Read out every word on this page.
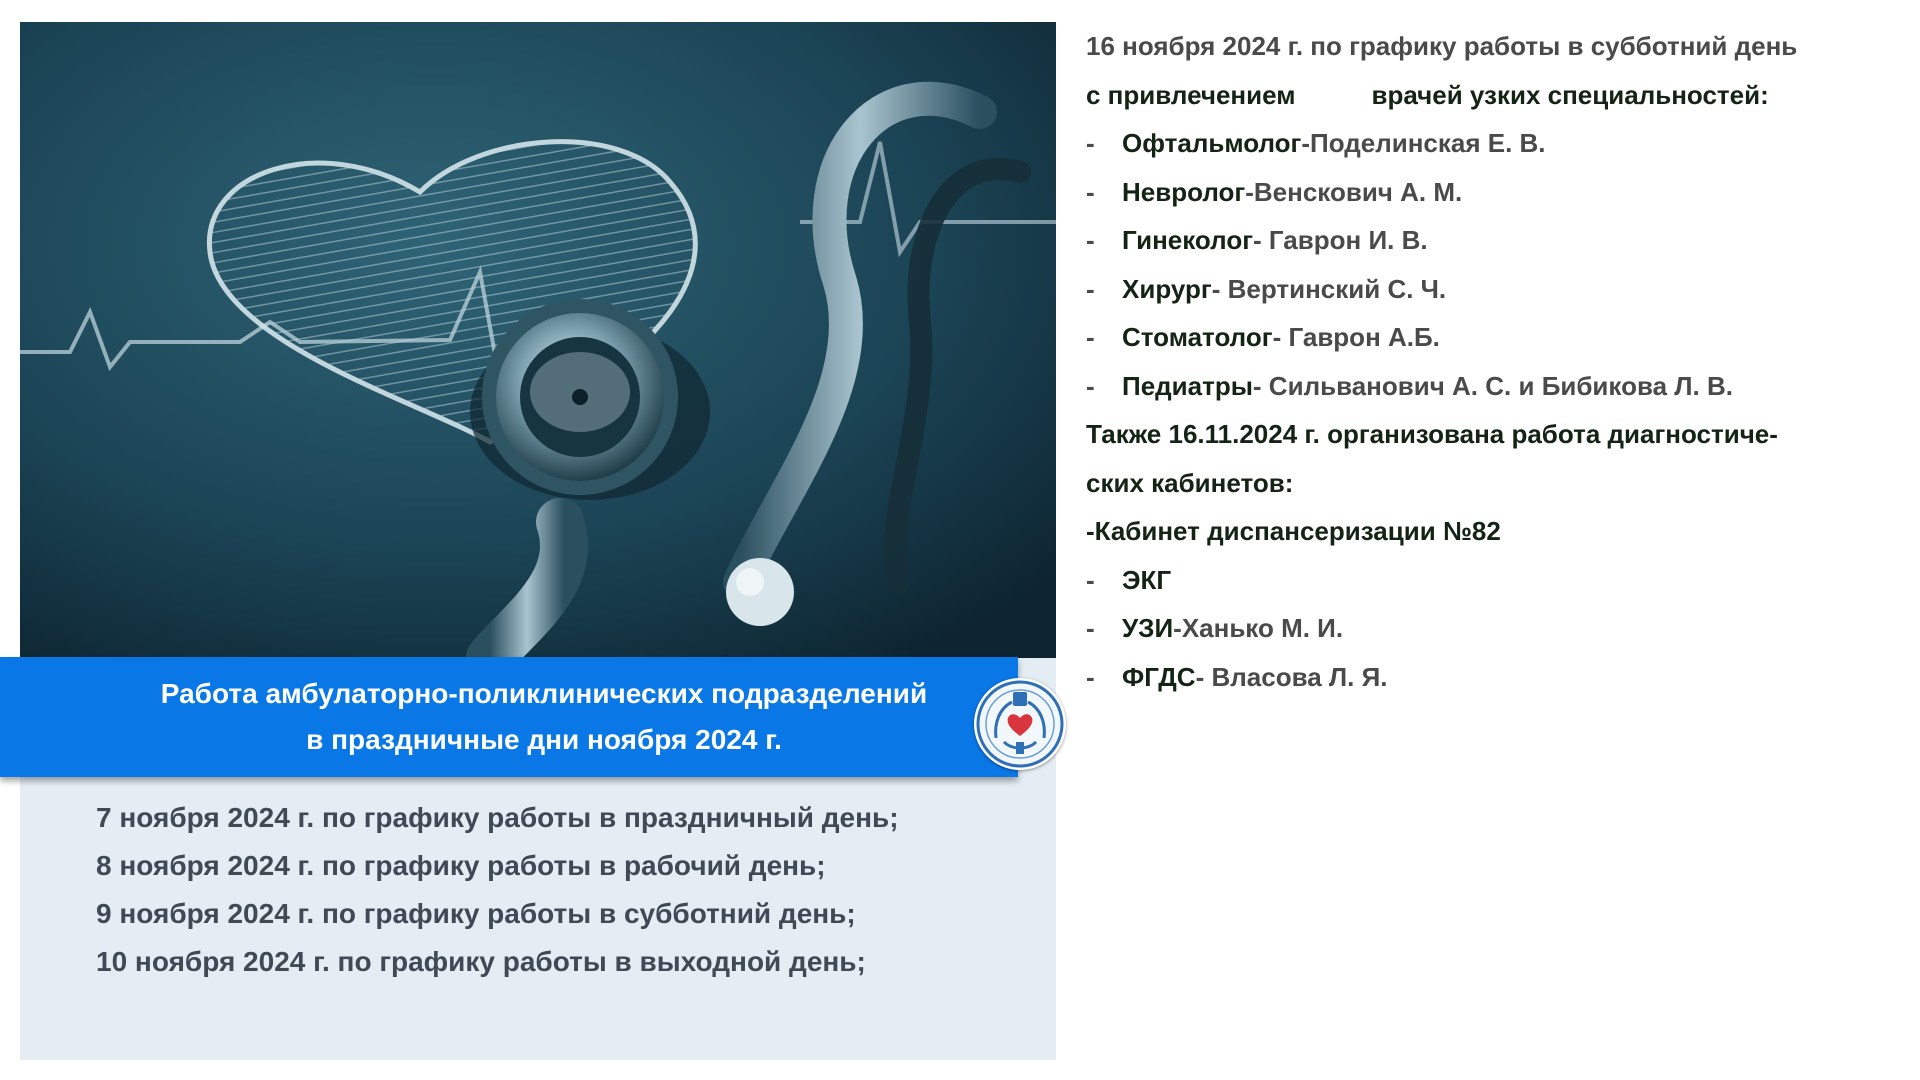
Работа амбулаторно-поликлинических подразделений
в праздничные дни ноября 2024 г.
7 ноября 2024 г. по графику работы в праздничный день;
8 ноября 2024 г. по графику работы в рабочий день;
9 ноября 2024 г. по графику работы в субботний день;
10 ноября 2024 г. по графику работы в выходной день;
16 ноября 2024 г. по графику работы в субботний день
с привлечением	врачей узких специальностей:
- Офтальмолог-Поделинская Е. В.
- Невролог-Венскович А. М.
- Гинеколог- Гаврон И. В.
- Хирург- Вертинский С. Ч.
- Стоматолог- Гаврон А.Б.
- Педиатры- Сильванович А. С. и Бибикова Л. В.
Также 16.11.2024 г. организована работа диагностиче-
ских кабинетов:
-Кабинет диспансеризации №82
- ЭКГ
- УЗИ-Ханько М. И.
- ФГДС- Власова Л. Я.
